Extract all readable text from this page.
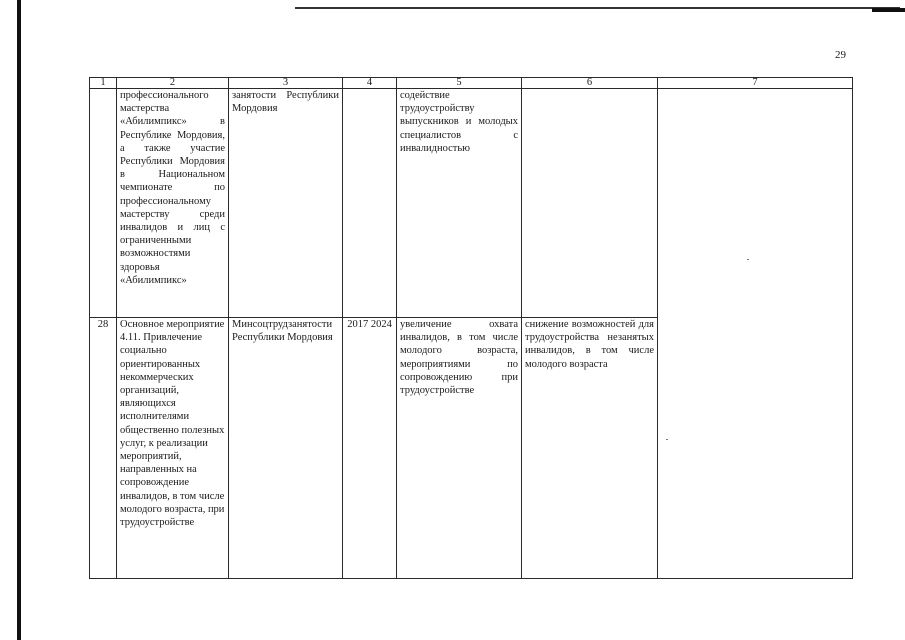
29
1	2	3	4	5	6	7
	профессионального мастерства «Абилимпикс» в Республике Мордовия, а также участие Республики Мордовия в Национальном чемпионате по профессиональному мастерству среди инвалидов и лиц с ограниченными возможностями здоровья «Абилимпикс»	занятости Республики Мордовия		содействие трудоустройству выпускников и молодых специалистов с инвалидностью		

28	Основное мероприятие 4.11. Привлечение социально ориентированных некоммерческих организаций, являющихся исполнителями общественно полезных услуг, к реализации мероприятий, направленных на сопровождение инвалидов, в том числе молодого возраста, при трудоустройстве	Минсоцтрудзанятости Республики Мордовия	2017 2024	увеличение охвата инвалидов, в том числе молодого возраста, мероприятиями по сопровождению при трудоустройстве	снижение возможностей для трудоустройства незанятых инвалидов, в том числе молодого возраста	
